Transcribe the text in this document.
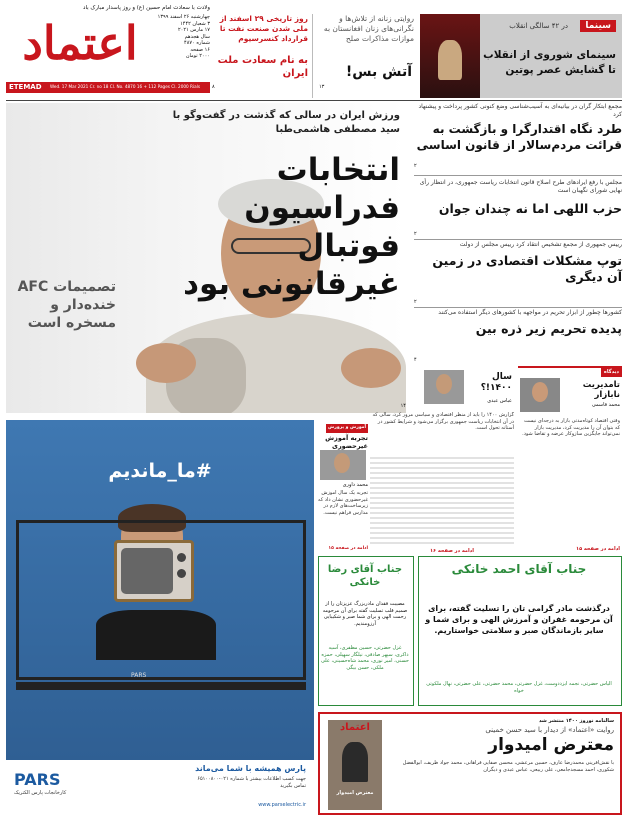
ولادت با سعادت امام حسین (ع) و روز پاسدار مبارک باد
اعتماد	چهارشنبه ۲۶ اسفند ۱۳۹۹
۳ شعبان ۱۴۴۲
۱۷ مارس ۲۰۲۱
سال هجدهم
شماره ۴۸۷۰
۱۶ صفحه
۲۰۰۰ تومان
ETEMAD Wed. 17 Mar 2021 Cr. no 18 Cl. No. 4870 16 + 112 Pages Cl. 2000 Rials
روز تاریخی ۲۹ اسفند از ملی شدن صنعت نفت تا قرارداد کنسرسیوم
به نام سعادت ملت ایران
۸
روایتی زنانه از تلاش‌ها و نگرانی‌های زنان افغانستان به موازات مذاکرات صلح
آتش بس!
۱۳
سینما
در ۴۲ سالگی انقلاب
سینمای شوروی از انقلاب تا گشایش عصر پوتین
ورزش ایران در سالی که گذشت در گفت‌وگو با سید مصطفی هاشمی‌طبا
انتخابات
فدراسیون فوتبال
غیرقانونی بود
تصمیمات AFC خنده‌دار و مسخره است
۱۴
مجمع ابتکار گران در بیانیه‌ای به آسیب‌شناسی وضع کنونی کشور پرداخت و پیشنهاد کرد
طرد نگاه اقتدارگرا و بازگشت به قرائت مردم‌سالار از قانون اساسی
۲
مجلس با رفع ایرادهای طرح اصلاح قانون انتخابات ریاست جمهوری، در انتظار رأی نهایی شورای نگهبان است
حزب اللهی اما نه چندان جوان
۲
رییس جمهوری از مجمع تشخیص انتقاد کرد رییس مجلس از دولت
توپ مشکلات اقتصادی در زمین آن دیگری
۲
کشورها چطور از ابزار تحریم در مواجهه با کشورهای دیگر استفاده می‌کنند
پدیده تحریم زیر ذره بین
۴
دیدگاه
تامدیریت نابازار
محمد قاسمی
وقتی اقتصاد کوتاه‌مدتی بازار به درجه‌ای نیست که بتوان آن را مدیریت کرد، مدیریت بازار نمی‌تواند جایگزین سازوکار عرضه و تقاضا شود.
ادامه در صفحه ۱۵
سال ۱۴۰۰!؟
عباس عبدی
گزارش ۱۴۰۰ را باید از منظر اقتصادی و سیاسی مرور کرد، سالی که در آن انتخابات ریاست جمهوری برگزار می‌شود و شرایط کشور در آستانه تحول است.
ادامه در صفحه ۱۶
آموزش و پرورش
تجربه آموزش غیرحضوری
محمد داوری
تجربه یک سال آموزش غیرحضوری نشان داد که زیرساخت‌های لازم در مدارس فراهم نیست.
ادامه در صفحه ۱۵
#ما_ماندیم
PARS
PARS
کارخانجات پارس الکتریک
پارس همیشه با شما می‌ماند
جهت کسب اطلاعات بیشتر با شماره ۰۲۱-۶۵۱۰۰۸۰۰ تماس بگیرید
www.parselectric.ir
جناب آقای احمد خانکی
درگذشت مادر گرامی تان را تسلیت گفته، برای آن مرحومه غفران و آمرزش الهی و برای شما و سایر بازماندگان صبر و سلامتی خواستاریم.
الیاس حضرتی، نجمه ایزددوست، غزل حضرتی، محمد حضرتی، علی حضرتی، نهال ملکوتی خواه
جناب آقای رضا خانکی
مصیبت فقدان مادربزرگ عزیزتان را از صمیم قلب تسلیت گفته برای آن مرحومه رحمت الهی و برای شما صبر و شکیبایی آرزومندیم.
غزل حضرتی، حسین مظفری، آسیه ذاکری، سپهر صادقی، نیلگار سهیلی، حمزه حسنی، امیر نوری، محمد شاه‌حسینی، علی ملکی، حسن بیگی
اعتماد
معترض امیدوار
سالنامه نوروز ۱۴۰۰ منتشر شد
روایت «اعتماد» از دیدار با سید حسن خمینی
معترض امیدوار
با نقش‌آفرینی محمدرضا عارف، حسین مرعشی، محسن صفایی فراهانی، محمد جواد ظریف، ابوالفضل شکوری، احمد مسجدجامعی، علی ربیعی، عباس عبدی و دیگران
